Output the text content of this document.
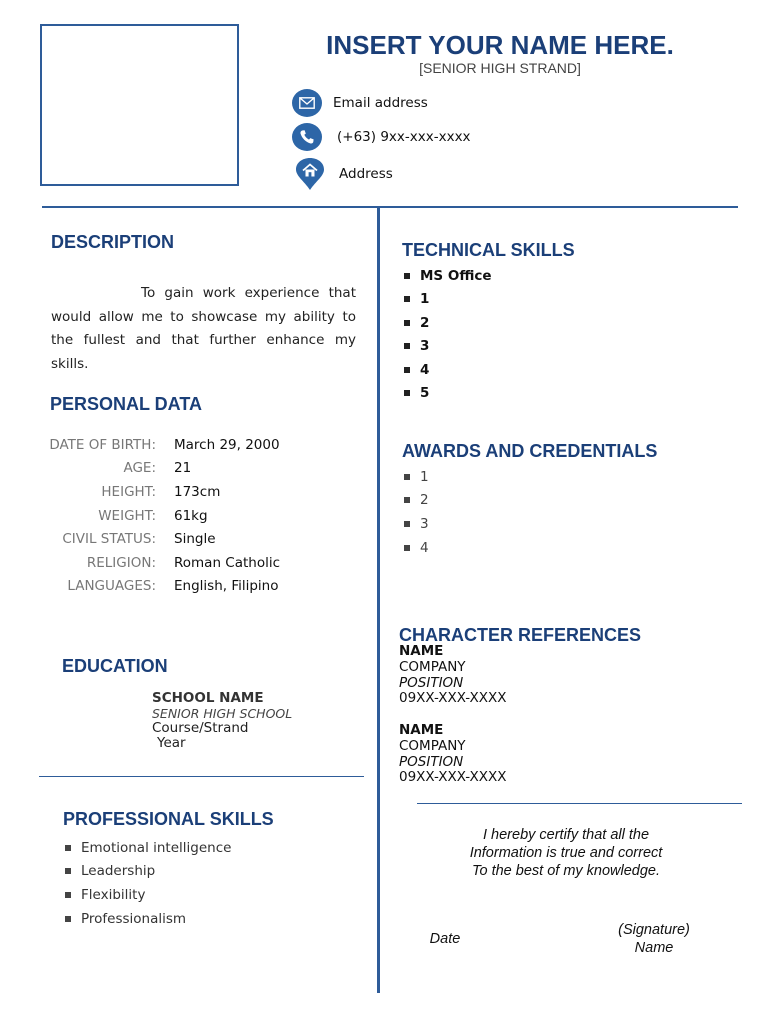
INSERT YOUR NAME HERE.
[SENIOR HIGH STRAND]
Email address
(+63) 9xx-xxx-xxxx
Address
DESCRIPTION
To gain work experience that would allow me to showcase my ability to the fullest and that further enhance my skills.
PERSONAL DATA
DATE OF BIRTH: March 29, 2000
AGE: 21
HEIGHT: 173cm
WEIGHT: 61kg
CIVIL STATUS: Single
RELIGION: Roman Catholic
LANGUAGES: English, Filipino
EDUCATION
SCHOOL NAME
SENIOR HIGH SCHOOL
Course/Strand
Year
PROFESSIONAL SKILLS
Emotional intelligence
Leadership
Flexibility
Professionalism
TECHNICAL SKILLS
MS Office
1
2
3
4
5
AWARDS AND CREDENTIALS
1
2
3
4
CHARACTER REFERENCES
NAME
COMPANY
POSITION
09XX-XXX-XXXX
NAME
COMPANY
POSITION
09XX-XXX-XXXX
I hereby certify that all the
Information is true and correct
To the best of my knowledge.
Date
(Signature)
Name
